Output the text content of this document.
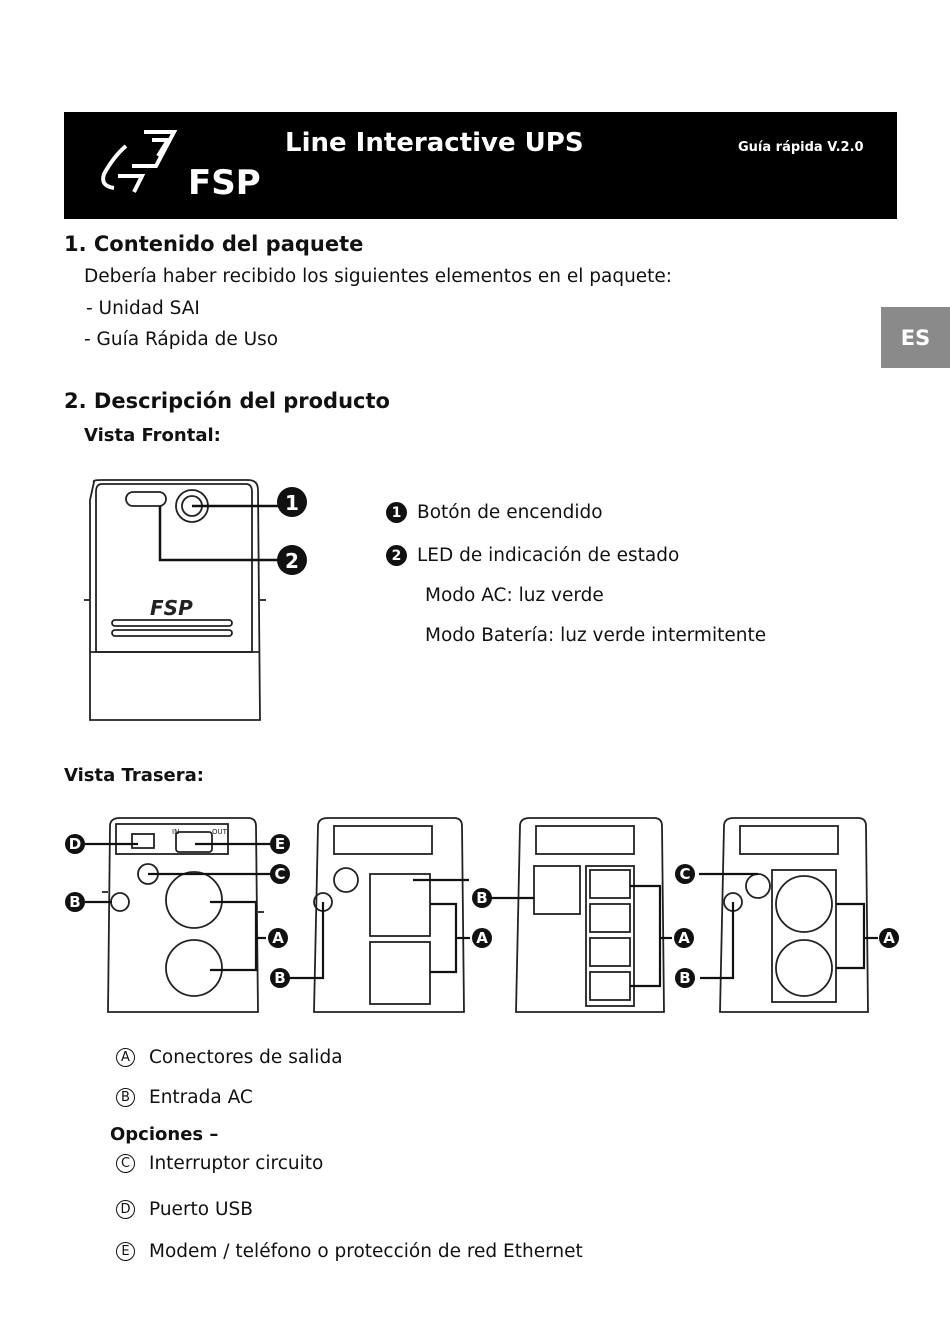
FSP
Line Interactive UPS	Guía rápida V.2.0
ES
1. Contenido del paquete
Debería haber recibido los siguientes elementos en el paquete:
- Unidad SAI
- Guía Rápida de Uso
2. Descripción del producto
Vista Frontal:
FSP
1
2
1 Botón de encendido
2 LED de indicación de estado
Modo AC: luz verde
Modo Batería: luz verde intermitente
Vista Trasera:
IN	OUT
D	E
C
B
A
B
B
A	A
B
C
A
A Conectores de salida
B Entrada AC
Opciones –
C Interruptor circuito
D Puerto USB
E Modem / teléfono o protección de red Ethernet
